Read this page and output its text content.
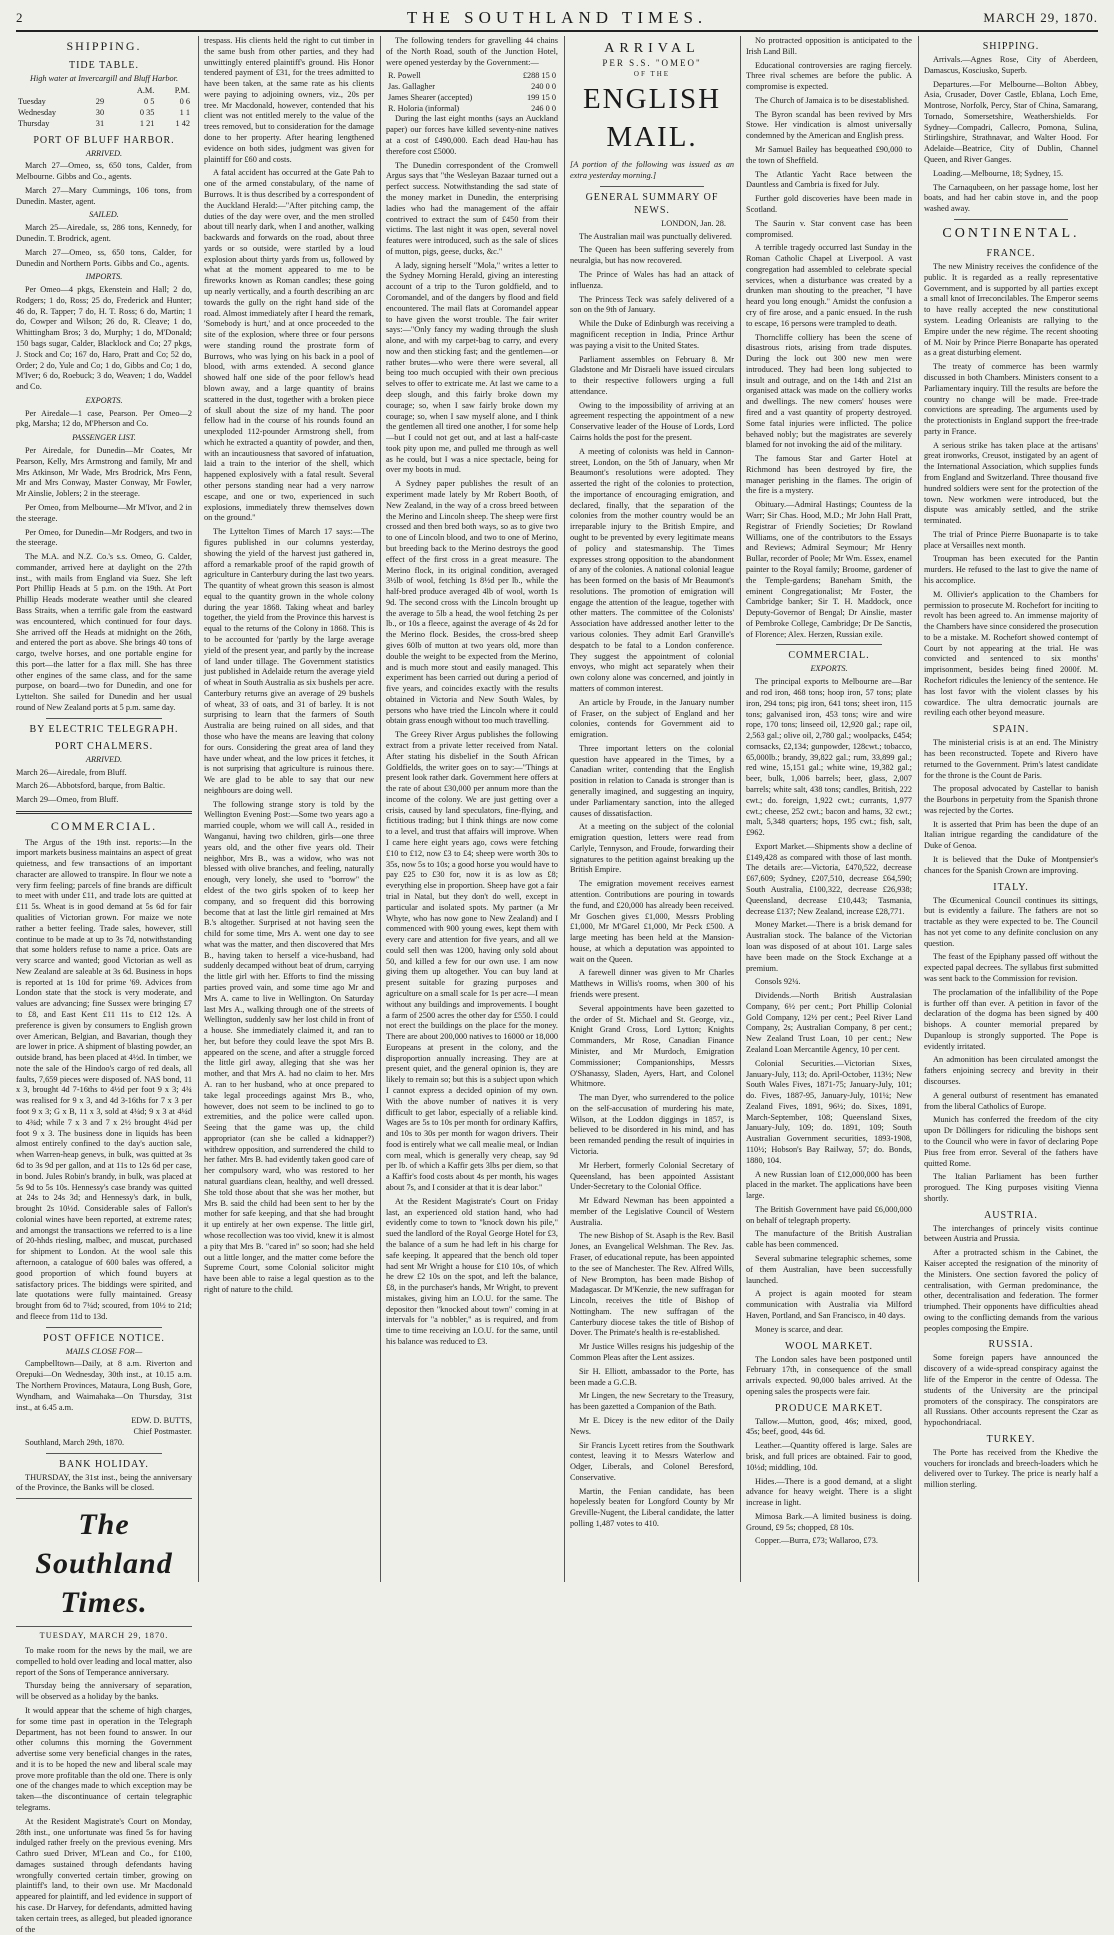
2	THE SOUTHLAND TIMES.	MARCH 29, 1870.
SHIPPING.
TIDE TABLE.
High water at Invercargill and Bluff Harbor.
		A.M.	P.M.
Tuesday	29	0 5	0 6
Wednesday	30	0 35	1 1
Thursday	31	1 21	1 42
PORT OF BLUFF HARBOR.
ARRIVED.

March 27—Omeo, ss, 650 tons, Calder, from Melbourne. Gibbs and Co., agents.

March 27—Mary Cummings, 106 tons, from Dunedin. Master, agent.

SAILED.

March 25—Airedale, ss, 286 tons, Kennedy, for Dunedin. T. Brodrick, agent.

March 27—Omeo, ss, 650 tons, Calder, for Dunedin and Northern Ports. Gibbs and Co., agents.

IMPORTS.

Per Omeo—4 pkgs, Ekenstein and Hall; 2 do, Rodgers; 1 do, Ross; 25 do, Frederick and Hunter; 46 do, R. Tapper; 7 do, H. T. Ross; 6 do, Martin; 1 do, Cowper and Wilson; 26 do, R. Cleave; 1 do, Whittingham Bros; 3 do, Murphy; 1 do, M'Donald; 150 bags sugar, Calder, Blacklock and Co; 27 pkgs, J. Stock and Co; 167 do, Haro, Pratt and Co; 52 do, Order; 2 do, Yule and Co; 1 do, Gibbs and Co; 1 do, M'Iver; 6 do, Roebuck; 3 do, Weaven; 1 do, Waddel and Co.

EXPORTS.

Per Airedale—1 case, Pearson. Per Omeo—2 pkg, Marsha; 12 do, M'Pherson and Co.

PASSENGER LIST.

Per Airedale, for Dunedin—Mr Coates, Mr Pearson, Kelly, Mrs Armstrong and family, Mr and Mrs Atkinson, Mr Wade, Mrs Brodrick, Mrs Fenn, Mr and Mrs Conway, Master Conway, Mr Fowler, Mr Ainslie, Joblers; 2 in the steerage.

Per Omeo, from Melbourne—Mr M'Ivor, and 2 in the steerage.

Per Omeo, for Dunedin—Mr Rodgers, and two in the steerage.

The M.A. and N.Z. Co.'s s.s. Omeo, G. Calder, commander, arrived here at daylight on the 27th inst., with mails from England via Suez. She left Port Phillip Heads at 5 p.m. on the 19th. At Port Phillip Heads moderate weather until she cleared Bass Straits, when a terrific gale from the eastward was encountered, which continued for four days. She arrived off the Heads at midnight on the 26th, and entered the port as above. She brings 40 tons of cargo, twelve horses, and one portable engine for this port—the latter for a flax mill. She has three other engines of the same class, and for the same purpose, on board—two for Dunedin, and one for Lyttelton. She sailed for Dunedin and her usual round of New Zealand ports at 5 p.m. same day.

BY ELECTRIC TELEGRAPH.
PORT CHALMERS.
ARRIVED.

March 26—Airedale, from Bluff.

March 26—Abbotsford, barque, from Baltic.

March 29—Omeo, from Bluff.

COMMERCIAL.

The Argus of the 19th inst. reports:—In the import markets business maintains an aspect of great quietness, and few transactions of an important character are allowed to transpire. In flour we note a very firm feeling; parcels of fine brands are difficult to meet with under £11, and trade lots are quitted at £11 5s. Wheat is in good demand at 5s 6d for fair qualities of Victorian grown. For maize we note rather a better feeling. Trade sales, however, still continue to be made at up to 3s 7d, notwithstanding that some holders refuse to name a price. Oats are very scarce and wanted; good Victorian as well as New Zealand are saleable at 3s 6d. Business in hops is reported at 1s 10d for prime '69. Advices from London state that the stock is very moderate, and values are advancing; fine Sussex were bringing £7 to £8, and East Kent £11 11s to £12 12s. A preference is given by consumers to English grown over American, Belgian, and Bavarian, though they are lower in price. A shipment of blasting powder, an outside brand, has been placed at 4½d. In timber, we note the sale of the Hindoo's cargo of red deals, all faults, 7,659 pieces were disposed of. NAS bond, 11 x 3, brought 4d 7-16ths to 4½d per foot 9 x 3; 4¾ was realised for 9 x 3, and 4d 3-16ths for 7 x 3 per foot 9 x 3; G x B, 11 x 3, sold at 4¼d; 9 x 3 at 4¼d to 4¾d; while 7 x 3 and 7 x 2½ brought 4¼d per foot 9 x 3. The business done in liquids has been almost entirely confined to the day's auction sale, when Warren-heap genevs, in bulk, was quitted at 3s 6d to 3s 9d per gallon, and at 11s to 12s 6d per case, in bond. Jules Robin's brandy, in bulk, was placed at 5s 9d to 5s 10s. Hennessy's case brandy was quitted at 24s to 24s 3d; and Hennessy's dark, in bulk, brought 2s 10½d. Considerable sales of Fallon's colonial wines have been reported, at extreme rates; and amongst the transactions we referred to is a line of 20-hhds riesling, malbec, and muscat, purchased for shipment to London. At the wool sale this afternoon, a catalogue of 600 bales was offered, a good proportion of which found buyers at satisfactory prices. The biddings were spirited, and late quotations were fully maintained. Greasy brought from 6d to 7¼d; scoured, from 10½ to 21d; and fleece from 11d to 13d.

POST OFFICE NOTICE.
MAILS CLOSE FOR—

Campbelltown—Daily, at 8 a.m. Riverton and Orepuki—On Wednesday, 30th inst., at 10.15 a.m. The Northern Provinces, Mataura, Long Bush, Gore, Wyndham, and Waimahaka—On Thursday, 31st inst., at 6.45 a.m.

EDW. D. BUTTS,
Chief Postmaster.

Southland, March 29th, 1870.

BANK HOLIDAY.

THURSDAY, the 31st inst., being the anniversary of the Province, the Banks will be closed.

The Southland Times.
TUESDAY, MARCH 29, 1870.

To make room for the news by the mail, we are compelled to hold over leading and local matter, also report of the Sons of Temperance anniversary.

Thursday being the anniversary of separation, will be observed as a holiday by the banks.

It would appear that the scheme of high charges, for some time past in operation in the Telegraph Department, has not been found to answer. In our other columns this morning the Government advertise some very beneficial changes in the rates, and it is to be hoped the new and liberal scale may prove more profitable than the old one. There is only one of the changes made to which exception may be taken—the discontinuance of certain telegraphic telegrams.

At the Resident Magistrate's Court on Monday, 28th inst., one unfortunate was fined 5s for having indulged rather freely on the previous evening. Mrs Cathro sued Driver, M'Lean and Co., for £100, damages sustained through defendants having wrongfully converted certain timber, growing on plaintiff's land, to their own use. Mr Macdonald appeared for plaintiff, and led evidence in support of his case. Dr Harvey, for defendants, admitted having taken certain trees, as alleged, but pleaded ignorance of the

trespass. His clients held the right to cut timber in the same bush from other parties, and they had unwittingly entered plaintiff's ground. His Honor tendered payment of £31, for the trees admitted to have been taken, at the same rate as his clients were paying to adjoining owners, viz., 20s per tree. Mr Macdonald, however, contended that his client was not entitled merely to the value of the trees removed, but to consideration for the damage done to her property. After hearing lengthened evidence on both sides, judgment was given for plaintiff for £60 and costs.

A fatal accident has occurred at the Gate Pah to one of the armed constabulary, of the name of Burrows. It is thus described by a correspondent of the Auckland Herald:—"After pitching camp, the duties of the day were over, and the men strolled about till nearly dark, when I and another, walking backwards and forwards on the road, about three yards or so outside, were startled by a loud explosion about thirty yards from us, followed by what at the moment appeared to me to be fireworks known as Roman candles; these going up nearly vertically, and a fourth describing an arc towards the gully on the right hand side of the road. Almost immediately after I heard the remark, 'Somebody is hurt,' and at once proceeded to the site of the explosion, where three or four persons were standing round the prostrate form of Burrows, who was lying on his back in a pool of blood, with arms extended. A second glance showed half one side of the poor fellow's head blown away, and a large quantity of brains scattered in the dust, together with a broken piece of skull about the size of my hand. The poor fellow had in the course of his rounds found an unexploded 112-pounder Armstrong shell, from which he extracted a quantity of powder, and then, with an incautiousness that savored of infatuation, laid a train to the interior of the shell, which happened explosively with a fatal result. Several other persons standing near had a very narrow escape, and one or two, experienced in such explosions, immediately threw themselves down on the ground."

The Lyttelton Times of March 17 says:—The figures published in our columns yesterday, showing the yield of the harvest just gathered in, afford a remarkable proof of the rapid growth of agriculture in Canterbury during the last two years. The quantity of wheat grown this season is almost equal to the quantity grown in the whole colony during the year 1868. Taking wheat and barley together, the yield from the Province this harvest is equal to the returns of the Colony in 1868. This is to be accounted for 'partly by the large average yield of the present year, and partly by the increase of land under tillage. The Government statistics just published in Adelaide return the average yield of wheat in South Australia as six bushels per acre. Canterbury returns give an average of 29 bushels of wheat, 33 of oats, and 31 of barley. It is not surprising to learn that the farmers of South Australia are being ruined on all sides, and that those who have the means are leaving that colony for ours. Considering the great area of land they have under wheat, and the low prices it fetches, it is not surprising that agriculture is ruinous there. We are glad to be able to say that our new neighbours are doing well.

The following strange story is told by the Wellington Evening Post:—Some two years ago a married couple, whom we will call A., resided in Wanganui, having two children, girls—one three years old, and the other five years old. Their neighbor, Mrs B., was a widow, who was not blessed with olive branches, and feeling, naturally enough, very lonely, she used to "borrow" the eldest of the two girls spoken of to keep her company, and so frequent did this borrowing become that at last the little girl remained at Mrs B.'s altogether. Surprised at not having seen the child for some time, Mrs A. went one day to see what was the matter, and then discovered that Mrs B., having taken to herself a vice-husband, had suddenly decamped without beat of drum, carrying the little girl with her. Efforts to find the missing parties proved vain, and some time ago Mr and Mrs A. came to live in Wellington. On Saturday last Mrs A., walking through one of the streets of Wellington, suddenly saw her lost child in front of a house. She immediately claimed it, and ran to her, but before they could leave the spot Mrs B. appeared on the scene, and after a struggle forced the little girl away, alleging that she was her mother, and that Mrs A. had no claim to her. Mrs A. ran to her husband, who at once prepared to take legal proceedings against Mrs B., who, however, does not seem to be inclined to go to extremities, and the police were called upon. Seeing that the game was up, the child appropriator (can she be called a kidnapper?) withdrew opposition, and surrendered the child to her father. Mrs B. had evidently taken good care of her compulsory ward, who was restored to her natural guardians clean, healthy, and well dressed. She told those about that she was her mother, but Mrs B. said the child had been sent to her by the mother for safe keeping, and that she had brought it up entirely at her own expense. The little girl, whose recollection was too vivid, knew it is almost a pity that Mrs B. "cared in" so soon; had she held out a little longer, and the matter come before the Supreme Court, some Colonial solicitor might have been able to raise a legal question as to the right of nature to the child.

The following tenders for gravelling 44 chains of the North Road, south of the Junction Hotel, were opened yesterday by the Government:—

R. Powell	£288 15 0
Jas. Gallagher	240 0 0
James Shearer (accepted)	199 15 0
R. Holoria (informal)	246 0 0

During the last eight months (says an Auckland paper) our forces have killed seventy-nine natives at a cost of £490,000. Each dead Hau-hau has therefore cost £5000.

The Dunedin correspondent of the Cromwell Argus says that "the Wesleyan Bazaar turned out a perfect success. Notwithstanding the sad state of the money market in Dunedin, the enterprising ladies who had the management of the affair contrived to extract the sum of £450 from their victims. The last night it was open, several novel features were introduced, such as the sale of slices of mutton, pigs, geese, ducks, &c."

A lady, signing herself "Mola," writes a letter to the Sydney Morning Herald, giving an interesting account of a trip to the Turon goldfield, and to Coromandel, and of the dangers by flood and field encountered. The mail flats at Coromandel appear to have given the worst trouble. The fair writer says:—"Only fancy my wading through the slush alone, and with my carpet-bag to carry, and every now and then sticking fast; and the gentlemen—or rather brutes—who were there were several, all being too much occupied with their own precious selves to offer to extricate me. At last we came to a deep slough, and this fairly broke down my courage; so, when I saw fairly broke down my courage; so, when I saw myself alone, and I think the gentlemen all tired one another, I for some help—but I could not get out, and at last a half-caste took pity upon me, and pulled me through as well as he could, but I was a nice spectacle, being for over my boots in mud.

A Sydney paper publishes the result of an experiment made lately by Mr Robert Booth, of New Zealand, in the way of a cross breed between the Merino and Lincoln sheep. The sheep were first crossed and then bred both ways, so as to give two to one of Lincoln blood, and two to one of Merino, but breeding back to the Merino destroys the good effect of the first cross in a great measure. The Merino flock, in its original condition, averaged 3½lb of wool, fetching 1s 8½d per lb., while the half-bred produce averaged 4lb of wool, worth 1s 9d. The second cross with the Lincoln brought up the average to 5lb a head, the wool fetching 2s per lb., or 10s a fleece, against the average of 4s 2d for the Merino flock. Besides, the cross-bred sheep gives 60lb of mutton at two years old, more than double the weight to be expected from the Merino, and is much more stout and easily managed. This experiment has been carried out during a period of five years, and coincides exactly with the results obtained in Victoria and New South Wales, by persons who have tried the Lincoln where it could obtain grass enough without too much travelling.

The Greey River Argus publishes the following extract from a private letter received from Natal. After stating his disbelief in the South African Goldfields, the writer goes on to say:—"Things at present look rather dark. Government here offers at the rate of about £30,000 per annum more than the income of the colony. We are just getting over a crisis, caused by land speculators, fine-flying, and fictitious trading; but I think things are now come to a level, and trust that affairs will improve. When I came here eight years ago, cows were fetching £10 to £12, now £3 to £4; sheep were worth 30s to 35s, now 5s to 10s; a good horse you would have to pay £25 to £30 for, now it is as low as £8; everything else in proportion. Sheep have got a fair trial in Natal, but they don't do well, except in particular and isolated spots. My partner (a Mr Whyte, who has now gone to New Zealand) and I commenced with 900 young ewes, kept them with every care and attention for five years, and all we could sell then was 1200, having only sold about 50, and killed a few for our own use. I am now giving them up altogether. You can buy land at present suitable for grazing purposes and agriculture on a small scale for 1s per acre—I mean without any buildings and improvements. I bought a farm of 2500 acres the other day for £550. I could not erect the buildings on the place for the money. There are about 200,000 natives to 16000 or 18,000 Europeans at present in the colony, and the disproportion annually increasing. They are at present quiet, and the general opinion is, they are likely to remain so; but this is a subject upon which I cannot express a decided opinion of my own. With the above number of natives it is very difficult to get labor, especially of a reliable kind. Wages are 5s to 10s per month for ordinary Kaffirs, and 10s to 30s per month for wagon drivers. Their food is entirely what we call mealie meal, or Indian corn meal, which is generally very cheap, say 9d per lb. of which a Kaffir gets 3lbs per diem, so that a Kaffir's food costs about 4s per month, his wages about 7s, and I consider at that it is dear labor."

At the Resident Magistrate's Court on Friday last, an experienced old station hand, who had evidently come to town to "knock down his pile," sued the landlord of the Royal George Hotel for £3, the balance of a sum he had left in his charge for safe keeping. It appeared that the bench old toper had sent Mr Wright a house for £10 10s, of which he drew £2 10s on the spot, and left the balance, £8, in the purchaser's hands, Mr Wright, to prevent mistakes, giving him an I.O.U. for the same. The depositor then "knocked about town" coming in at intervals for "a nobbler," as is required, and from time to time receiving an I.O.U. for the same, until his balance was reduced to £3.

ARRIVAL
PER S.S. "OMEO"
OF THE
ENGLISH MAIL.

[A portion of the following was issued as an extra yesterday morning.]

GENERAL SUMMARY OF NEWS.
LONDON, Jan. 28.

The Australian mail was punctually delivered.

The Queen has been suffering severely from neuralgia, but has now recovered.

The Prince of Wales has had an attack of influenza.

The Princess Teck was safely delivered of a son on the 9th of January.

While the Duke of Edinburgh was receiving a magnificent reception in India, Prince Arthur was paying a visit to the United States.

Parliament assembles on February 8. Mr Gladstone and Mr Disraeli have issued circulars to their respective followers urging a full attendance.

Owing to the impossibility of arriving at an agreement respecting the appointment of a new Conservative leader of the House of Lords, Lord Cairns holds the post for the present.

A meeting of colonists was held in Cannon-street, London, on the 5th of January, when Mr Beaumont's resolutions were adopted. They asserted the right of the colonies to protection, the importance of encouraging emigration, and declared, finally, that the separation of the colonies from the mother country would be an irreparable injury to the British Empire, and ought to be prevented by every legitimate means of policy and statesmanship. The Times expresses strong opposition to the abandonment of any of the colonies. A national colonial league has been formed on the basis of Mr Beaumont's resolutions. The promotion of emigration will engage the attention of the league, together with other matters. The committee of the Colonists' Association have addressed another letter to the various colonies. They admit Earl Granville's despatch to be fatal to a London conference. They suggest the appointment of colonial envoys, who might act separately when their own colony alone was concerned, and jointly in matters of common interest.

An article by Froude, in the January number of Fraser, on the subject of England and her colonies, contends for Government aid to emigration.

Three important letters on the colonial question have appeared in the Times, by a Canadian writer, contending that the English position in relation to Canada is stronger than is generally imagined, and suggesting an inquiry, under Parliamentary sanction, into the alleged causes of dissatisfaction.

At a meeting on the subject of the colonial emigration question, letters were read from Carlyle, Tennyson, and Froude, forwarding their signatures to the petition against breaking up the British Empire.

The emigration movement receives earnest attention. Contributions are pouring in towards the fund, and £20,000 has already been received. Mr Goschen gives £1,000, Messrs Probling £1,000, Mr M'Garel £1,000, Mr Peck £500. A large meeting has been held at the Mansion-house, at which a deputation was appointed to wait on the Queen.

A farewell dinner was given to Mr Charles Matthews in Willis's rooms, when 300 of his friends were present.

Several appointments have been gazetted to the order of St. Michael and St. George, viz., Knight Grand Cross, Lord Lytton; Knights Commanders, Mr Rose, Canadian Finance Minister, and Mr Murdoch, Emigration Commissioner; Companionships, Messrs O'Shanassy, Sladen, Ayers, Hart, and Colonel Whitmore.

The man Dyer, who surrendered to the police on the self-accusation of murdering his mate, Wilson, at the Loddon diggings in 1857, is believed to be disordered in his mind, and has been remanded pending the result of inquiries in Victoria.

Mr Herbert, formerly Colonial Secretary of Queensland, has been appointed Assistant Under-Secretary to the Colonial Office.

Mr Edward Newman has been appointed a member of the Legislative Council of Western Australia.

The new Bishop of St. Asaph is the Rev. Basil Jones, an Evangelical Welshman. The Rev. Jas. Fraser, of educational repute, has been appointed to the see of Manchester. The Rev. Alfred Wills, of New Brompton, has been made Bishop of Madagascar. Dr M'Kenzie, the new suffragan for Lincoln, receives the title of Bishop of Nottingham. The new suffragan of the Canterbury diocese takes the title of Bishop of Dover. The Primate's health is re-established.

Mr Justice Willes resigns his judgeship of the Common Pleas after the Lent assizes.

Sir H. Elliott, ambassador to the Porte, has been made a G.C.B.

Mr Lingen, the new Secretary to the Treasury, has been gazetted a Companion of the Bath.

Mr E. Dicey is the new editor of the Daily News.

Sir Francis Lycett retires from the Southwark contest, leaving it to Messrs Waterlow and Odger, Liberals, and Colonel Beresford, Conservative.

Martin, the Fenian candidate, has been hopelessly beaten for Longford County by Mr Greville-Nugent, the Liberal candidate, the latter polling 1,487 votes to 410.

No protracted opposition is anticipated to the Irish Land Bill.

Educational controversies are raging fiercely. Three rival schemes are before the public. A compromise is expected.

The Church of Jamaica is to be disestablished.

The Byron scandal has been revived by Mrs Stowe. Her vindication is almost universally condemned by the American and English press.

Mr Samuel Bailey has bequeathed £90,000 to the town of Sheffield.

The Atlantic Yacht Race between the Dauntless and Cambria is fixed for July.

Further gold discoveries have been made in Scotland.

The Saurin v. Star convent case has been compromised.

A terrible tragedy occurred last Sunday in the Roman Catholic Chapel at Liverpool. A vast congregation had assembled to celebrate special services, when a disturbance was created by a drunken man shouting to the preacher, "I have heard you long enough." Amidst the confusion a cry of fire arose, and a panic ensued. In the rush to escape, 16 persons were trampled to death.

Thorncliffe colliery has been the scene of disastrous riots, arising from trade disputes. During the lock out 300 new men were introduced. They had been long subjected to insult and outrage, and on the 14th and 21st an organised attack was made on the colliery works and dwellings. The new comers' houses were fired and a vast quantity of property destroyed. Some fatal injuries were inflicted. The police behaved nobly; but the magistrates are severely blamed for not invoking the aid of the military.

The famous Star and Garter Hotel at Richmond has been destroyed by fire, the manager perishing in the flames. The origin of the fire is a mystery.

Obituary.—Admiral Hastings; Countess de la Warr; Sir Chas. Hood, M.D.; Mr John Hall Pratt, Registrar of Friendly Societies; Dr Rowland Williams, one of the contributors to the Essays and Reviews; Admiral Seymour; Mr Henry Bullar, recorder of Poole; Mr Wm. Essex, enamel painter to the Royal family; Broome, gardener of the Temple-gardens; Baneham Smith, the eminent Congregationalist; Mr Foster, the Cambridge banker; Sir T. H. Maddock, once Deputy-Governor of Bengal; Dr Ainslie, master of Pembroke College, Cambridge; Dr De Sanctis, of Florence; Alex. Herzen, Russian exile.

COMMERCIAL.
EXPORTS.

The principal exports to Melbourne are—Bar and rod iron, 468 tons; hoop iron, 57 tons; plate iron, 294 tons; pig iron, 641 tons; sheet iron, 115 tons; galvanised iron, 453 tons; wire and wire rope, 170 tons; linseed oil, 12,920 gal.; rape oil, 2,563 gal.; olive oil, 2,780 gal.; woolpacks, £454; cornsacks, £2,134; gunpowder, 128cwt.; tobacco, 65,000lb.; brandy, 39,822 gal.; rum, 33,899 gal.; red wine, 15,151 gal.; white wine, 19,382 gal.; beer, bulk, 1,006 barrels; beer, glass, 2,007 barrels; white salt, 438 tons; candles, British, 222 cwt.; do. foreign, 1,922 cwt.; currants, 1,977 cwt.; cheese, 252 cwt.; bacon and hams, 32 cwt.; malt, 5,348 quarters; hops, 195 cwt.; fish, salt, £962.

Export Market.—Shipments show a decline of £149,428 as compared with those of last month. The details are:—Victoria, £470,522, decrease £67,609; Sydney, £207,510, decrease £64,590; South Australia, £100,322, decrease £26,938; Queensland, decrease £10,443; Tasmania, decrease £137; New Zealand, increase £28,771.

Money Market.—There is a brisk demand for Australian stock. The balance of the Victorian loan was disposed of at about 101. Large sales have been made on the Stock Exchange at a premium.

Consols 92¼.

Dividends.—North British Australasian Company, 6½ per cent.; Port Phillip Colonial Gold Company, 12½ per cent.; Peel River Land Company, 2s; Australian Company, 8 per cent.; New Zealand Trust Loan, 10 per cent.; New Zealand Loan Mercantile Agency, 10 per cent.

Colonial Securities.—Victorian Sixes, January-July, 113; do. April-October, 113½; New South Wales Fives, 1871-75; January-July, 101; do. Fives, 1887-95, January-July, 101¼; New Zealand Fives, 1891, 96½; do. Sixes, 1891, March-September, 108; Queensland Sixes, January-July, 109; do. 1891, 109; South Australian Government securities, 1893-1908, 110½; Hobson's Bay Railway, 57; do. Bonds, 1880, 104.

A new Russian loan of £12,000,000 has been placed in the market. The applications have been large.

The British Government have paid £6,000,000 on behalf of telegraph property.

The manufacture of the British Australian cable has been commenced.

Several submarine telegraphic schemes, some of them Australian, have been successfully launched.

A project is again mooted for steam communication with Australia via Milford Haven, Portland, and San Francisco, in 40 days.

Money is scarce, and dear.

WOOL MARKET.

The London sales have been postponed until February 17th, in consequence of the small arrivals expected. 90,000 bales arrived. At the opening sales the prospects were fair.

PRODUCE MARKET.

Tallow.—Mutton, good, 46s; mixed, good, 45s; beef, good, 44s 6d.

Leather.—Quantity offered is large. Sales are brisk, and full prices are obtained. Fair to good, 10½d; middling, 10d.

Hides.—There is a good demand, at a slight advance for heavy weight. There is a slight increase in light.

Mimosa Bark.—A limited business is doing. Ground, £9 5s; chopped, £8 10s.

Copper.—Burra, £73; Wallaroo, £73.

SHIPPING.

Arrivals.—Agnes Rose, City of Aberdeen, Damascus, Kosciusko, Superb.

Departures.—For Melbourne—Bolton Abbey, Asia, Crusader, Dover Castle, Eblana, Loch Eme, Montrose, Norfolk, Percy, Star of China, Samarang, Tornado, Somersetshire, Weathershields. For Sydney—Compadri, Callecro, Pomona, Sulina, Stirlingshire, Strathnavar, and Walter Hood. For Adelaide—Beatrice, City of Dublin, Channel Queen, and River Ganges.

Loading.—Melbourne, 18; Sydney, 15.

The Carnaqubeen, on her passage home, lost her boats, and had her cabin stove in, and the poop washed away.

CONTINENTAL.
FRANCE.

The new Ministry receives the confidence of the public. It is regarded as a really representative Government, and is supported by all parties except a small knot of Irreconcilables. The Emperor seems to have really accepted the new constitutional system. Leading Orleanists are rallying to the Empire under the new régime. The recent shooting of M. Noir by Prince Pierre Bonaparte has operated as a great disturbing element.

The treaty of commerce has been warmly discussed in both Chambers. Ministers consent to a Parliamentary inquiry. Till the results are before the country no change will be made. Free-trade convictions are spreading. The arguments used by the protectionists in England support the free-trade party in France.

A serious strike has taken place at the artisans' great ironworks, Creusot, instigated by an agent of the International Association, which supplies funds from England and Switzerland. Three thousand five hundred soldiers were sent for the protection of the town. New workmen were introduced, but the dispute was amicably settled, and the strike terminated.

The trial of Prince Pierre Buonaparte is to take place at Versailles next month.

Troupman has been executed for the Pantin murders. He refused to the last to give the name of his accomplice.

M. Ollivier's application to the Chambers for permission to prosecute M. Rochefort for inciting to revolt has been agreed to. An immense majority of the Chambers have since considered the prosecution to be a mistake. M. Rochefort showed contempt of Court by not appearing at the trial. He was convicted and sentenced to six months' imprisonment, besides being fined 2000f. M. Rochefort ridicules the leniency of the sentence. He has lost favor with the violent classes by his cowardice. The ultra democratic journals are reviling each other beyond measure.

SPAIN.

The ministerial crisis is at an end. The Ministry has been reconstructed. Topete and Rivero have returned to the Government. Prim's latest candidate for the throne is the Count de Paris.

The proposal advocated by Castellar to banish the Bourbons in perpetuity from the Spanish throne was rejected by the Cortes.

It is asserted that Prim has been the dupe of an Italian intrigue regarding the candidature of the Duke of Genoa.

It is believed that the Duke of Montpensier's chances for the Spanish Crown are improving.

ITALY.

The Œcumenical Council continues its sittings, but is evidently a failure. The fathers are not so tractable as they were expected to be. The Council has not yet come to any definite conclusion on any question.

The feast of the Epiphany passed off without the expected papal decrees. The syllabus first submitted was sent back to the Commission for revision.

The proclamation of the infallibility of the Pope is further off than ever. A petition in favor of the declaration of the dogma has been signed by 400 bishops. A counter memorial prepared by Dupanloup is strongly supported. The Pope is evidently irritated.

An admonition has been circulated amongst the fathers enjoining secrecy and brevity in their discourses.

A general outburst of resentment has emanated from the liberal Catholics of Europe.

Munich has conferred the freedom of the city upon Dr Döllingers for ridiculing the bishops sent to the Council who were in favor of declaring Pope Pius free from error. Several of the fathers have quitted Rome.

The Italian Parliament has been further prorogued. The King purposes visiting Vienna shortly.

AUSTRIA.

The interchanges of princely visits continue between Austria and Prussia.

After a protracted schism in the Cabinet, the Kaiser accepted the resignation of the minority of the Ministers. One section favored the policy of centralisation, with German predominance, the other, decentralisation and federation. The former triumphed. Their opponents have difficulties ahead owing to the conflicting demands from the various peoples composing the Empire.

RUSSIA.

Some foreign papers have announced the discovery of a wide-spread conspiracy against the life of the Emperor in the centre of Odessa. The students of the University are the principal promoters of the conspiracy. The conspirators are all Russians. Other accounts represent the Czar as hypochondriacal.

TURKEY.

The Porte has received from the Khedive the vouchers for ironclads and breech-loaders which he delivered over to Turkey. The price is nearly half a million sterling.
